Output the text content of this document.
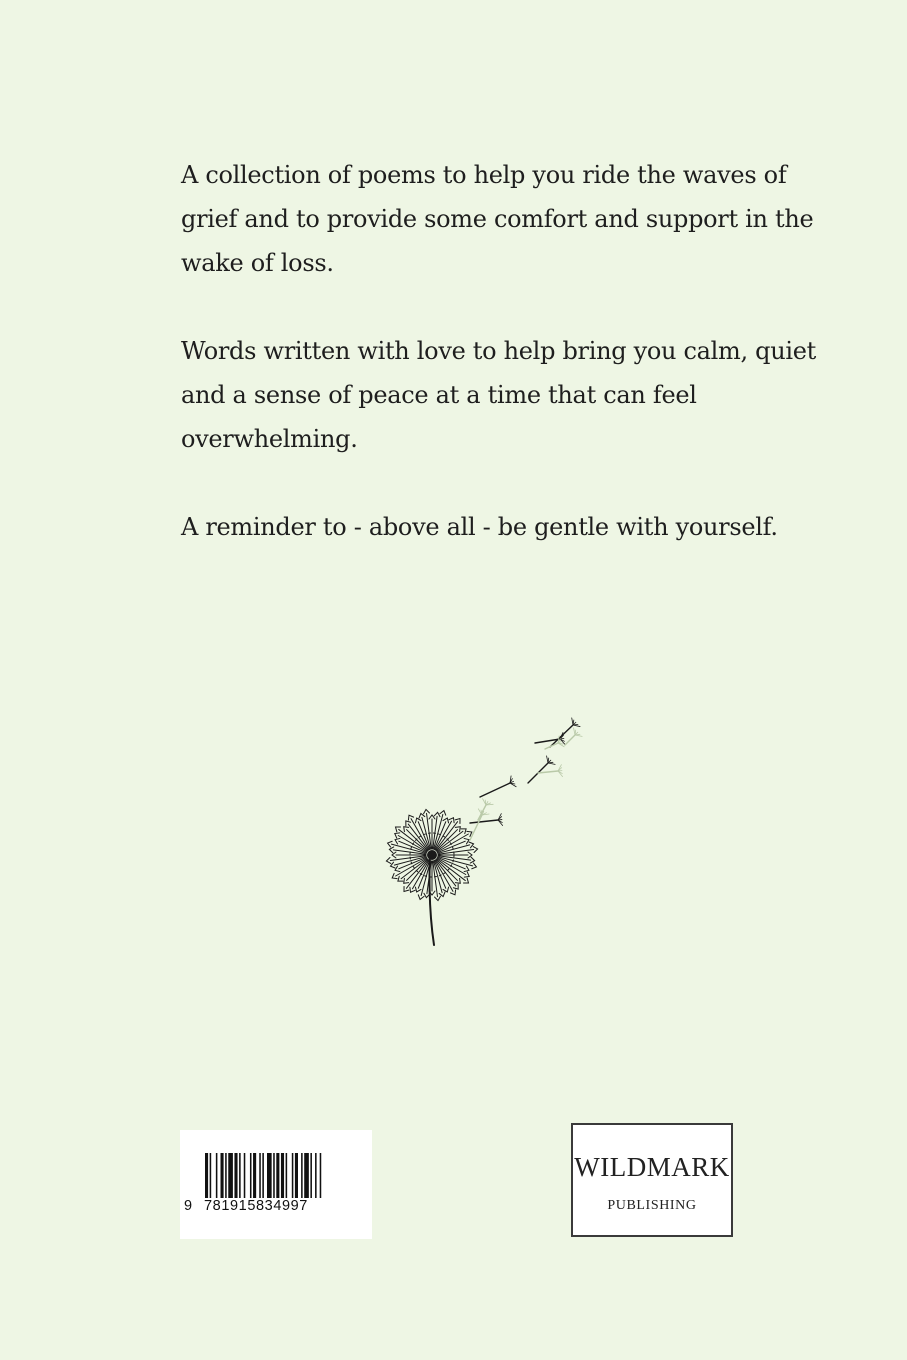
A collection of poems to help you ride the waves of grief and to provide some comfort and support in the wake of loss.

Words written with love to help bring you calm, quiet and a sense of peace at a time that can feel overwhelming.

A reminder to - above all - be gentle with yourself.

9 781915834997
WILDMARK
PUBLISHING
